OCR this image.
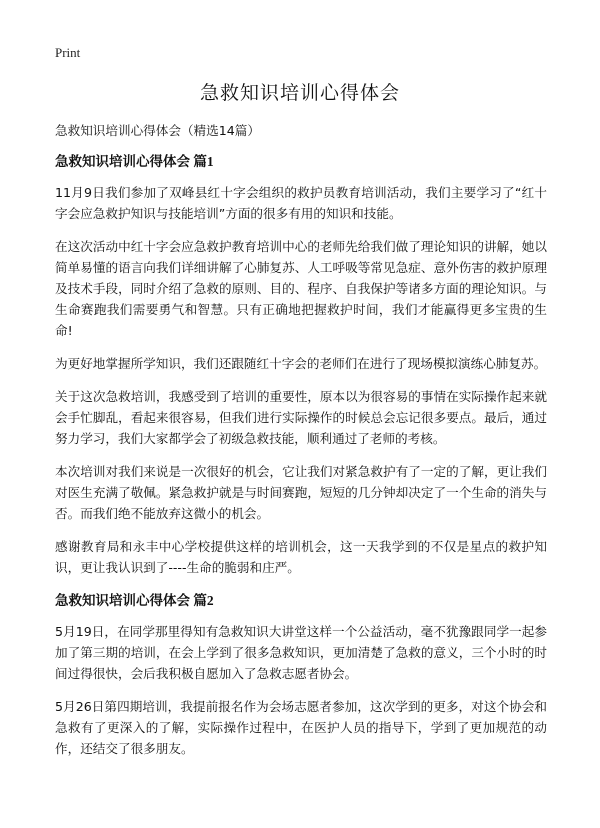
Print
急救知识培训心得体会

急救知识培训心得体会（精选14篇）

急救知识培训心得体会 篇1

11月9日我们参加了双峰县红十字会组织的救护员教育培训活动，我们主要学习了“红十字会应急救护知识与技能培训”方面的很多有用的知识和技能。

在这次活动中红十字会应急救护教育培训中心的老师先给我们做了理论知识的讲解，她以简单易懂的语言向我们详细讲解了心肺复苏、人工呼吸等常见急症、意外伤害的救护原理及技术手段，同时介绍了急救的原则、目的、程序、自我保护等诸多方面的理论知识。与生命赛跑我们需要勇气和智慧。只有正确地把握救护时间，我们才能赢得更多宝贵的生命!

为更好地掌握所学知识，我们还跟随红十字会的老师们在进行了现场模拟演练心肺复苏。

关于这次急救培训，我感受到了培训的重要性，原本以为很容易的事情在实际操作起来就会手忙脚乱，看起来很容易，但我们进行实际操作的时候总会忘记很多要点。最后，通过努力学习，我们大家都学会了初级急救技能，顺利通过了老师的考核。

本次培训对我们来说是一次很好的机会，它让我们对紧急救护有了一定的了解，更让我们对医生充满了敬佩。紧急救护就是与时间赛跑，短短的几分钟却决定了一个生命的消失与否。而我们绝不能放弃这微小的机会。

感谢教育局和永丰中心学校提供这样的培训机会，这一天我学到的不仅是星点的救护知识，更让我认识到了----生命的脆弱和庄严。

急救知识培训心得体会 篇2

5月19日，在同学那里得知有急救知识大讲堂这样一个公益活动，毫不犹豫跟同学一起参加了第三期的培训，在会上学到了很多急救知识，更加清楚了急救的意义，三个小时的时间过得很快，会后我积极自愿加入了急救志愿者协会。

5月26日第四期培训，我提前报名作为会场志愿者参加，这次学到的更多，对这个协会和急救有了更深入的了解，实际操作过程中，在医护人员的指导下，学到了更加规范的动作，还结交了很多朋友。
